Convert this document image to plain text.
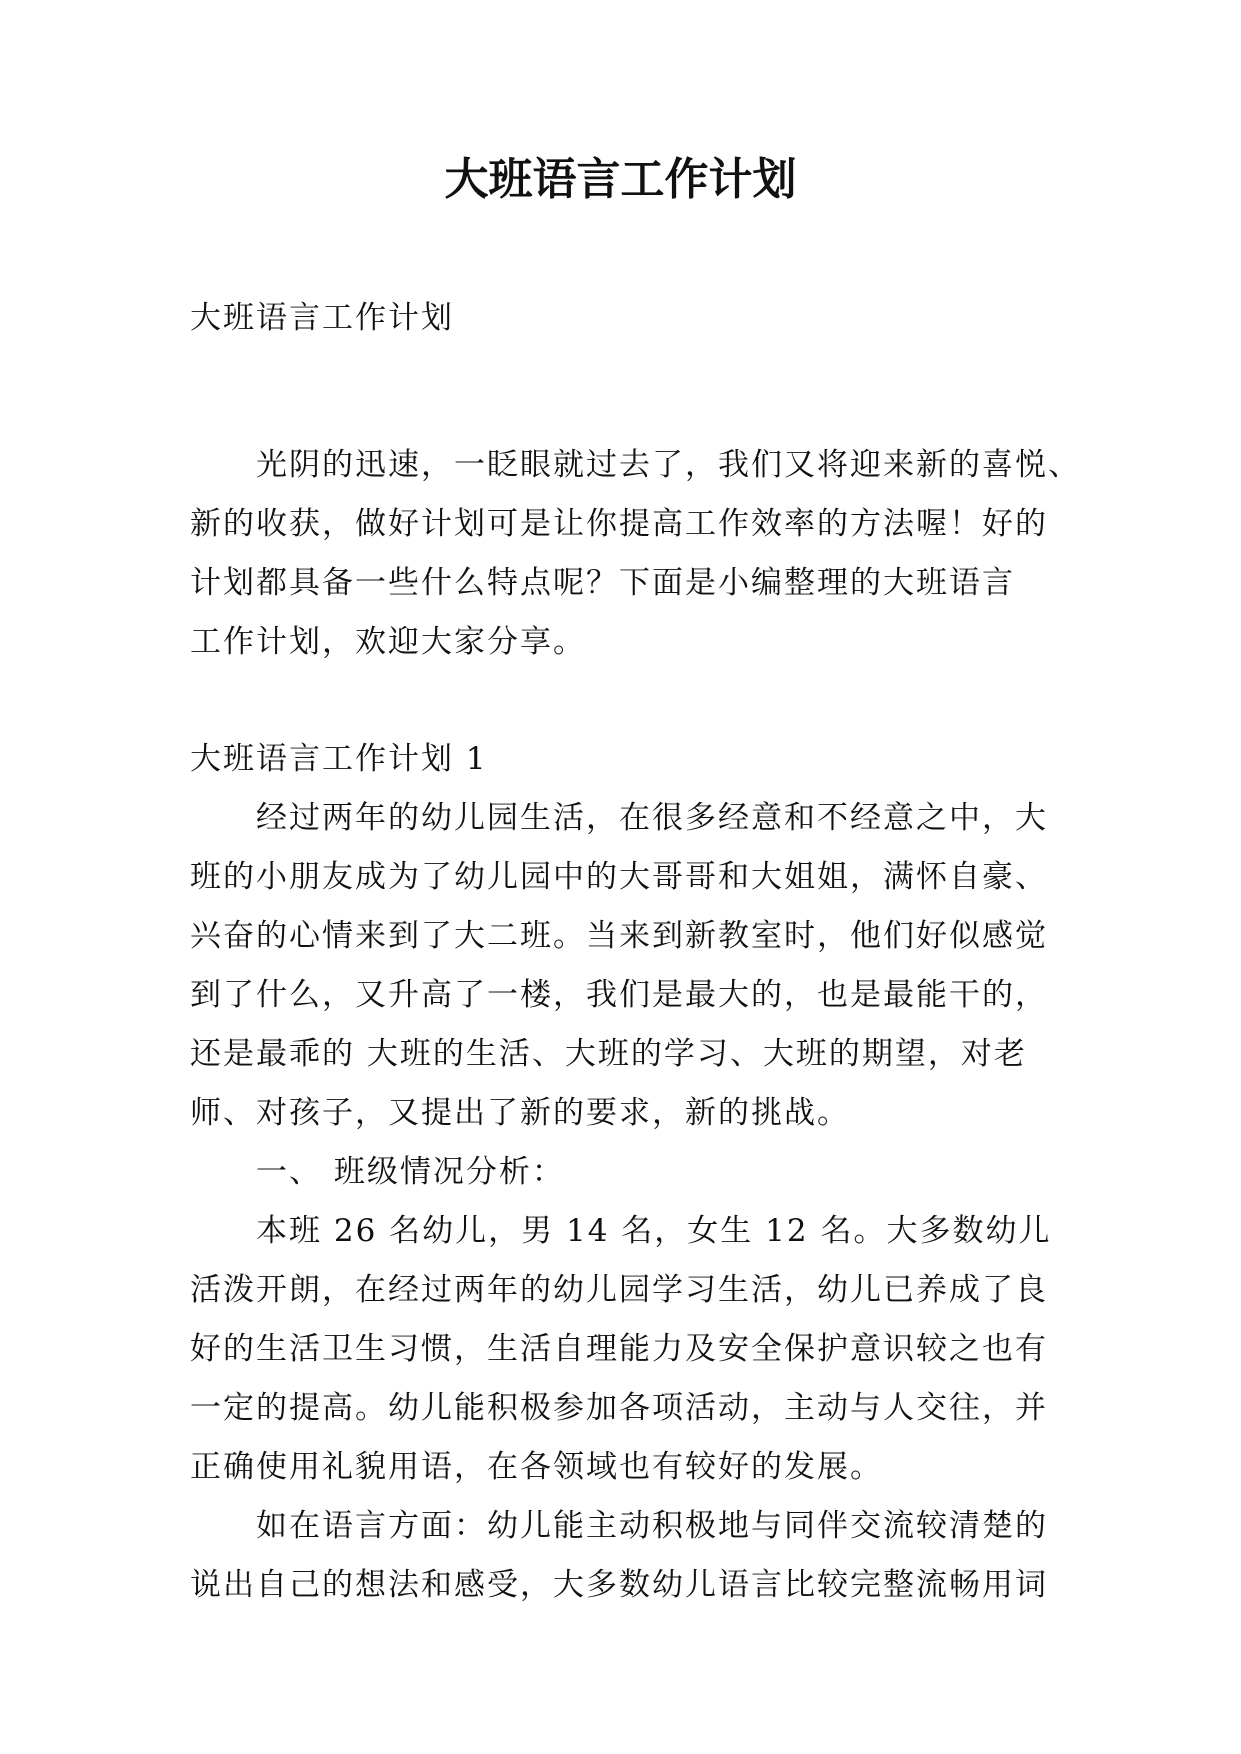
大班语言工作计划

大班语言工作计划

光阴的迅速，一眨眼就过去了，我们又将迎来新的喜悦、

新的收获，做好计划可是让你提高工作效率的方法喔！好的

计划都具备一些什么特点呢？下面是小编整理的大班语言

工作计划，欢迎大家分享。

大班语言工作计划 1

经过两年的幼儿园生活，在很多经意和不经意之中，大

班的小朋友成为了幼儿园中的大哥哥和大姐姐，满怀自豪、

兴奋的心情来到了大二班。当来到新教室时，他们好似感觉

到了什么，又升高了一楼，我们是最大的，也是最能干的，

还是最乖的 大班的生活、大班的学习、大班的期望，对老

师、对孩子，又提出了新的要求，新的挑战。

一、 班级情况分析：

本班 26 名幼儿，男 14 名，女生 12 名。大多数幼儿

活泼开朗，在经过两年的幼儿园学习生活，幼儿已养成了良

好的生活卫生习惯，生活自理能力及安全保护意识较之也有

一定的提高。幼儿能积极参加各项活动，主动与人交往，并

正确使用礼貌用语，在各领域也有较好的发展。

如在语言方面：幼儿能主动积极地与同伴交流较清楚的

说出自己的想法和感受，大多数幼儿语言比较完整流畅用词
